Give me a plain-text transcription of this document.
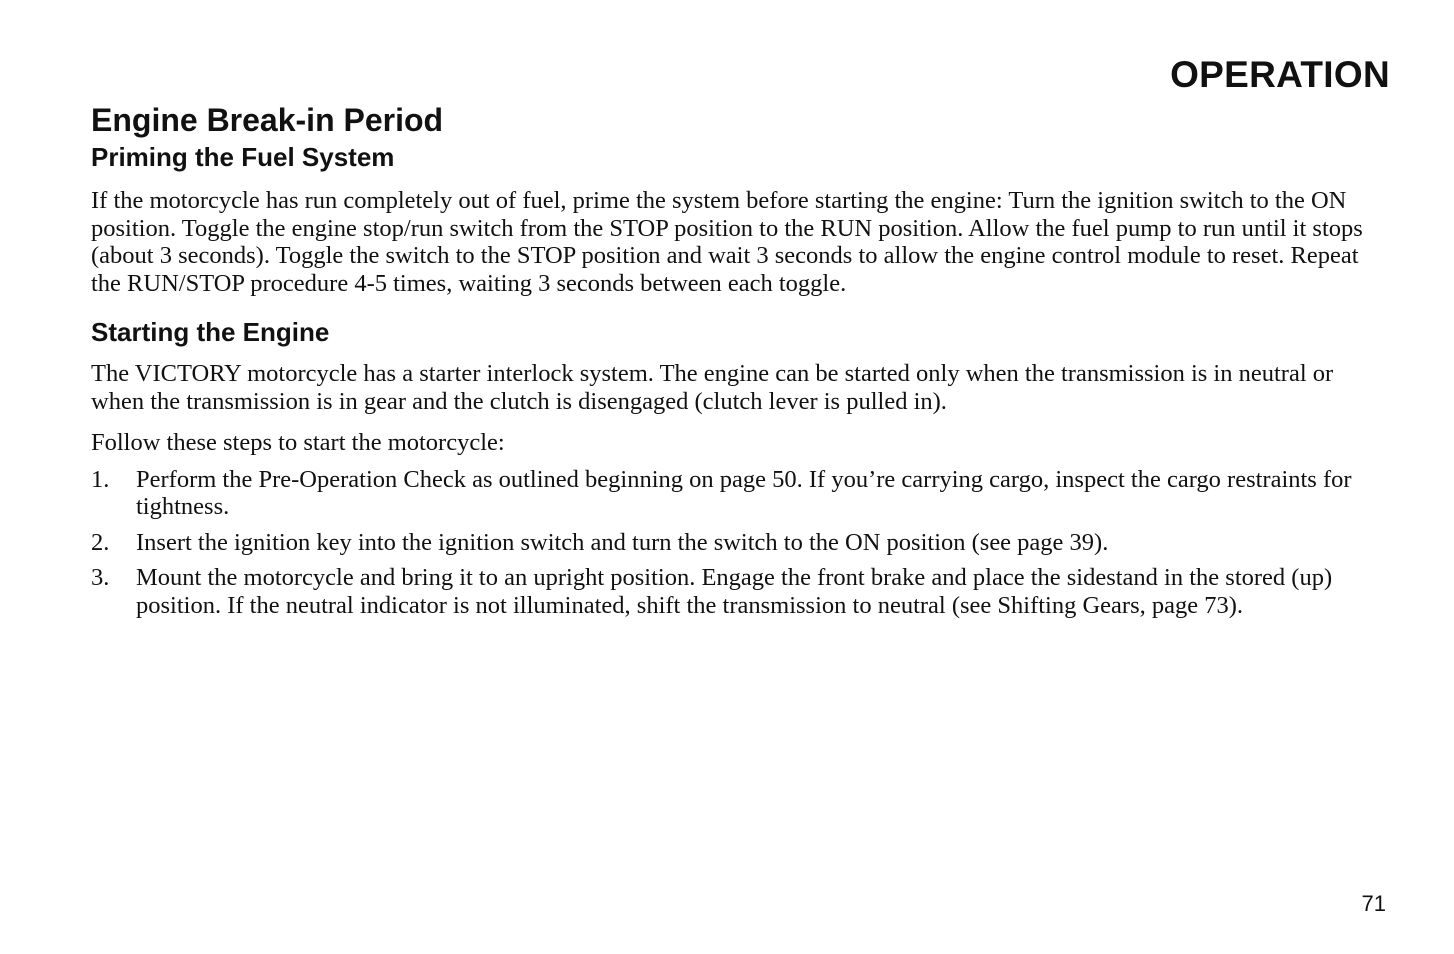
OPERATION
Engine Break-in Period
Priming the Fuel System

If the motorcycle has run completely out of fuel, prime the system before starting the engine: Turn the ignition switch to the ON position. Toggle the engine stop/run switch from the STOP position to the RUN position. Allow the fuel pump to run until it stops (about 3 seconds). Toggle the switch to the STOP position and wait 3 seconds to allow the engine control module to reset. Repeat the RUN/STOP procedure 4-5 times, waiting 3 seconds between each toggle.

Starting the Engine

The VICTORY motorcycle has a starter interlock system. The engine can be started only when the transmission is in neutral or when the transmission is in gear and the clutch is disengaged (clutch lever is pulled in).

Follow these steps to start the motorcycle:

1. Perform the Pre-Operation Check as outlined beginning on page 50. If you’re carrying cargo, inspect the cargo restraints for tightness.
2. Insert the ignition key into the ignition switch and turn the switch to the ON position (see page 39).
3. Mount the motorcycle and bring it to an upright position. Engage the front brake and place the sidestand in the stored (up) position. If the neutral indicator is not illuminated, shift the transmission to neutral (see Shifting Gears, page 73).
71
